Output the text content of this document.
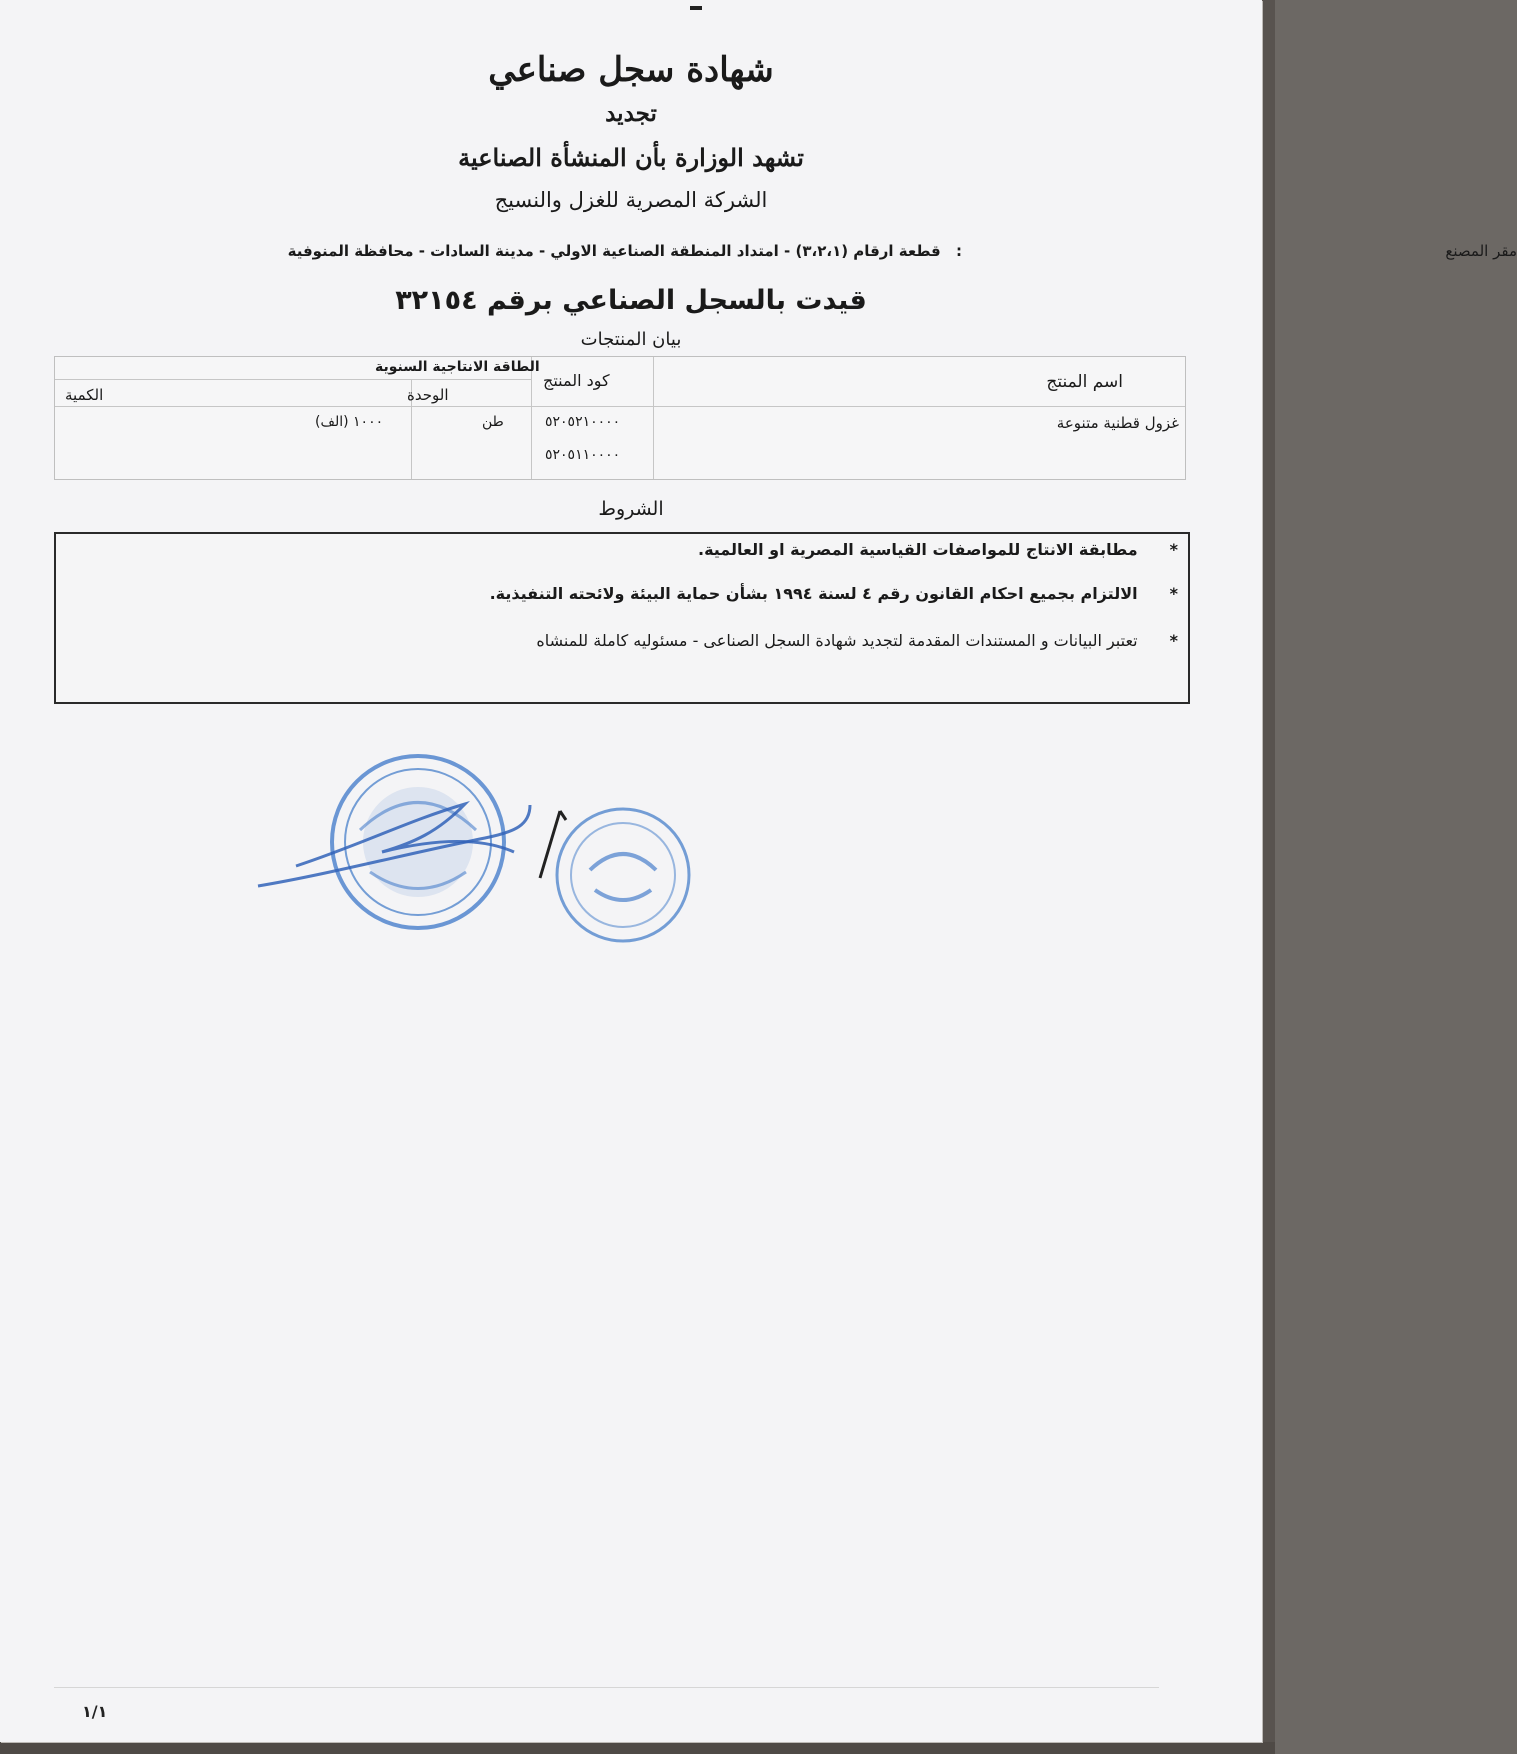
شهادة سجل صناعي
تجديد
تشهد الوزارة بأن المنشأة الصناعية
الشركة المصرية للغزل والنسيج
مقر المصنع
: قطعة ارقام (٣،٢،١) - امتداد المنطقة الصناعية الاولي - مدينة السادات - محافظة المنوفية
قيدت بالسجل الصناعي برقم ٣٢١٥٤
بيان المنتجات
اسم المنتج
كود المنتج
الطاقة الانتاجية السنوية
الوحدة
الكمية
غزول قطنية متنوعة
٥٢٠٥٢١٠٠٠٠
٥٢٠٥١١٠٠٠٠
طن
١٠٠٠ (الف)
الشروط
*مطابقة الانتاج للمواصفات القياسية المصرية او العالمية.
*الالتزام بجميع احكام القانون رقم ٤ لسنة ١٩٩٤ بشأن حماية البيئة ولائحته التنفيذية.
*تعتبر البيانات و المستندات المقدمة لتجديد شهادة السجل الصناعى - مسئوليه كاملة للمنشاه
١/١
